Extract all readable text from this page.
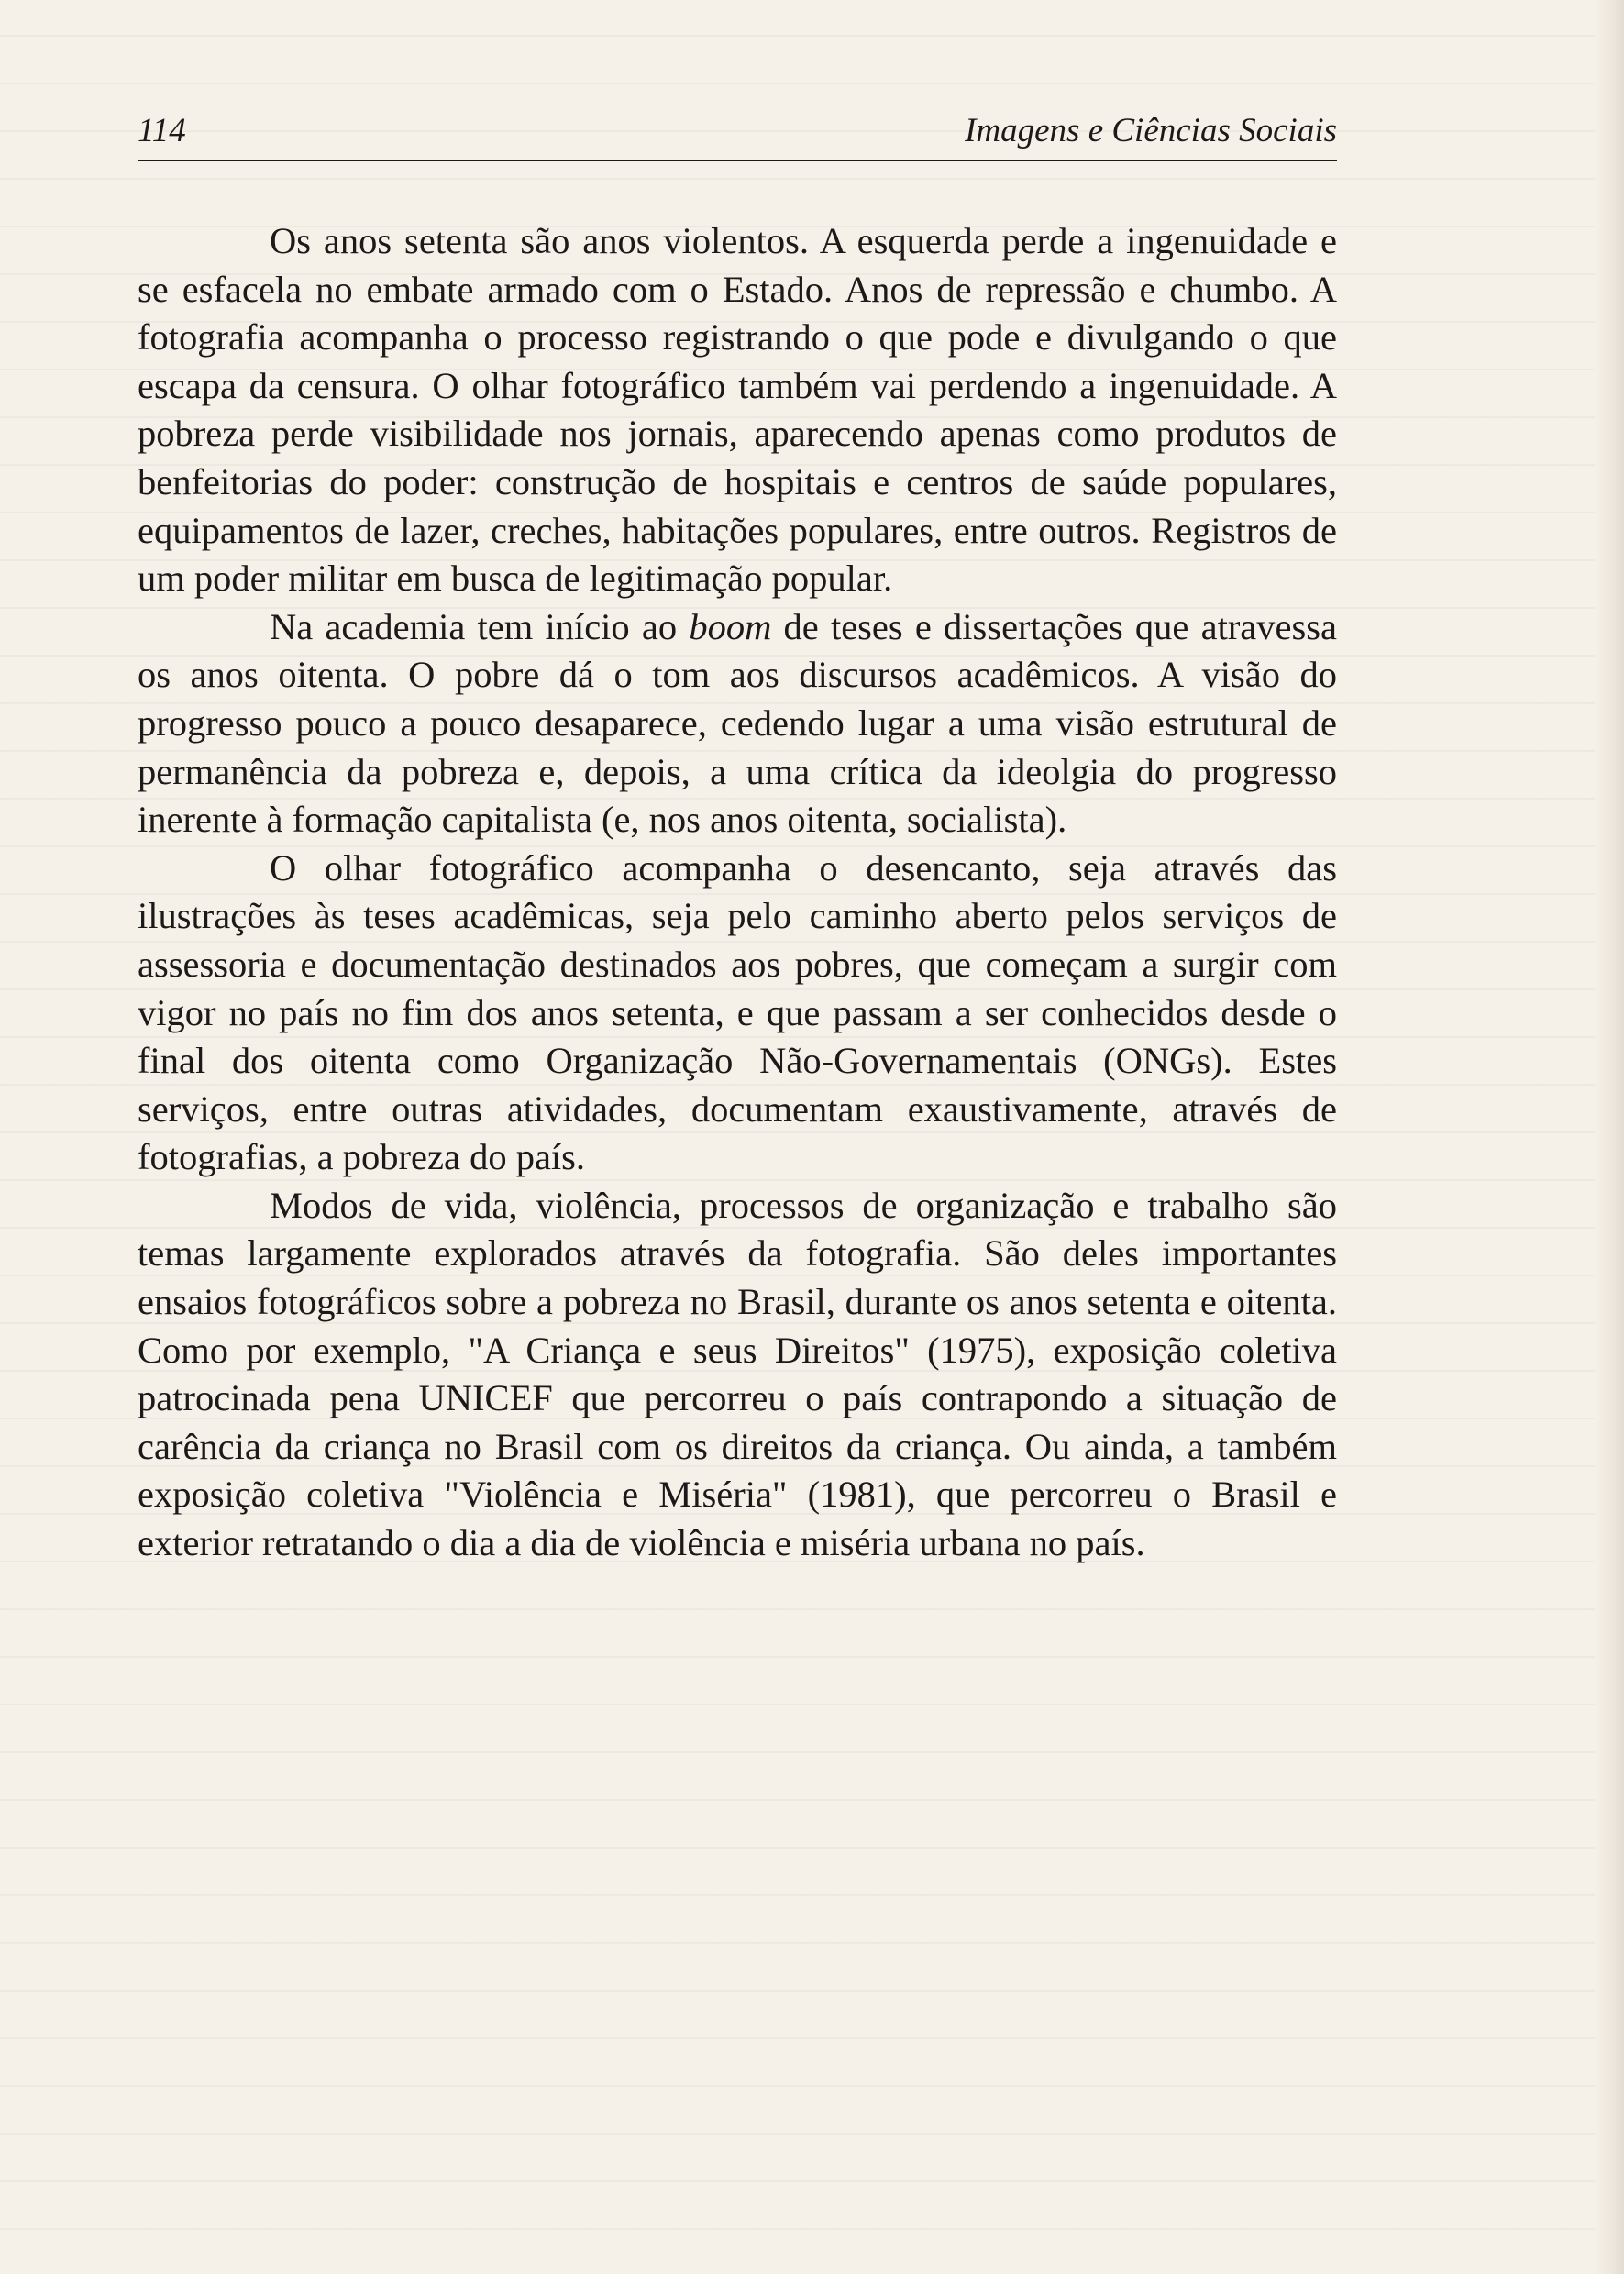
114	Imagens e Ciências Sociais

Os anos setenta são anos violentos. A esquerda perde a ingenuidade e se esfacela no embate armado com o Estado. Anos de repressão e chumbo. A fotografia acompanha o processo registrando o que pode e divulgando o que escapa da censura. O olhar fotográfico também vai perdendo a ingenuidade. A pobreza perde visibilidade nos jornais, aparecendo apenas como produtos de benfeitorias do poder: construção de hospitais e centros de saúde populares, equipamentos de lazer, creches, habitações populares, entre outros. Registros de um poder militar em busca de legitimação popular.

Na academia tem início ao boom de teses e dissertações que atravessa os anos oitenta. O pobre dá o tom aos discursos acadêmicos. A visão do progresso pouco a pouco desaparece, cedendo lugar a uma visão estrutural de permanência da pobreza e, depois, a uma crítica da ideolgia do progresso inerente à formação capitalista (e, nos anos oitenta, socialista).

O olhar fotográfico acompanha o desencanto, seja através das ilustrações às teses acadêmicas, seja pelo caminho aberto pelos serviços de assessoria e documentação destinados aos pobres, que começam a surgir com vigor no país no fim dos anos setenta, e que passam a ser conhecidos desde o final dos oitenta como Organização Não-Governamentais (ONGs). Estes serviços, entre outras atividades, documentam exaustivamente, através de fotografias, a pobreza do país.

Modos de vida, violência, processos de organização e trabalho são temas largamente explorados através da fotografia. São deles importantes ensaios fotográficos sobre a pobreza no Brasil, durante os anos setenta e oitenta. Como por exemplo, "A Criança e seus Direitos" (1975), exposição coletiva patrocinada pena UNICEF que percorreu o país contrapondo a situação de carência da criança no Brasil com os direitos da criança. Ou ainda, a também exposição coletiva "Violência e Miséria" (1981), que percorreu o Brasil e exterior retratando o dia a dia de violência e miséria urbana no país.
